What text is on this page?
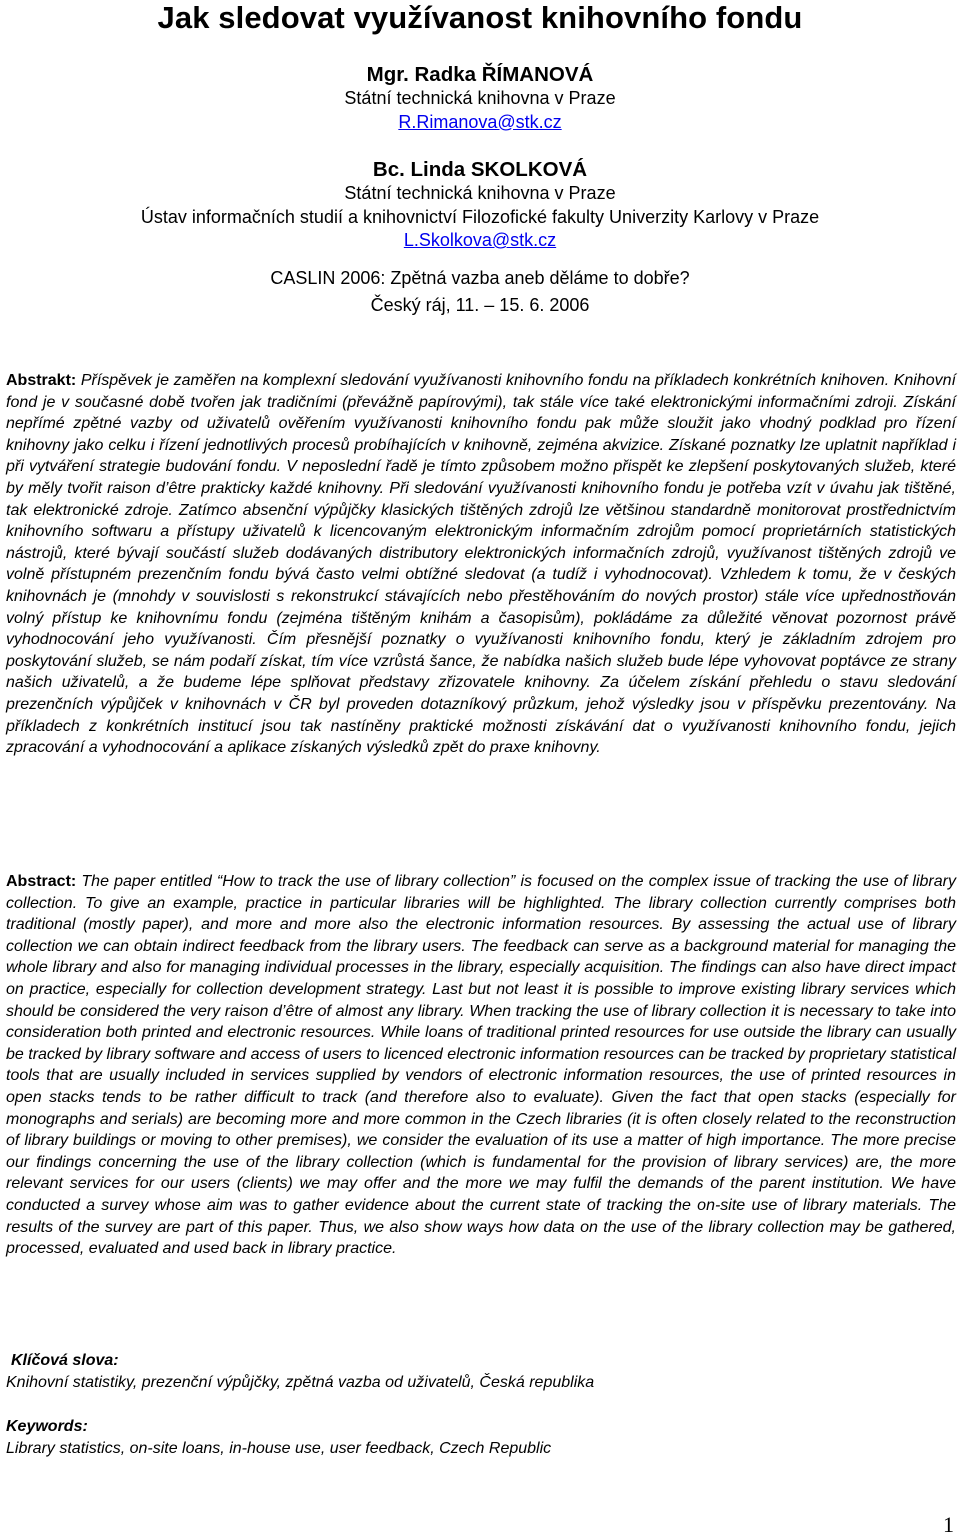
Jak sledovat využívanost knihovního fondu
Mgr. Radka ŘÍMANOVÁ
Státní technická knihovna v Praze
R.Rimanova@stk.cz
Bc. Linda SKOLKOVÁ
Státní technická knihovna v Praze
Ústav informačních studií a knihovnictví Filozofické fakulty Univerzity Karlovy v Praze
L.Skolkova@stk.cz
CASLIN 2006: Zpětná vazba aneb děláme to dobře?
Český ráj, 11. – 15. 6. 2006

Abstrakt: Příspěvek je zaměřen na komplexní sledování využívanosti knihovního fondu na příkladech konkrétních knihoven. Knihovní fond je v současné době tvořen jak tradičními (převážně papírovými), tak stále více také elektronickými informačními zdroji. Získání nepřímé zpětné vazby od uživatelů ověřením využívanosti knihovního fondu pak může sloužit jako vhodný podklad pro řízení knihovny jako celku i řízení jednotlivých procesů probíhajících v knihovně, zejména akvizice. Získané poznatky lze uplatnit například i při vytváření strategie budování fondu. V neposlední řadě je tímto způsobem možno přispět ke zlepšení poskytovaných služeb, které by měly tvořit raison d’être prakticky každé knihovny. Při sledování využívanosti knihovního fondu je potřeba vzít v úvahu jak tištěné, tak elektronické zdroje. Zatímco absenční výpůjčky klasických tištěných zdrojů lze většinou standardně monitorovat prostřednictvím knihovního softwaru a přístupy uživatelů k licencovaným elektronickým informačním zdrojům pomocí proprietárních statistických nástrojů, které bývají součástí služeb dodávaných distributory elektronických informačních zdrojů, využívanost tištěných zdrojů ve volně přístupném prezenčním fondu bývá často velmi obtížné sledovat (a tudíž i vyhodnocovat). Vzhledem k tomu, že v českých knihovnách je (mnohdy v souvislosti s rekonstrukcí stávajících nebo přestěhováním do nových prostor) stále více upřednostňován volný přístup ke knihovnímu fondu (zejména tištěným knihám a časopisům), pokládáme za důležité věnovat pozornost právě vyhodnocování jeho využívanosti. Čím přesnější poznatky o využívanosti knihovního fondu, který je základním zdrojem pro poskytování služeb, se nám podaří získat, tím více vzrůstá šance, že nabídka našich služeb bude lépe vyhovovat poptávce ze strany našich uživatelů, a že budeme lépe splňovat představy zřizovatele knihovny. Za účelem získání přehledu o stavu sledování prezenčních výpůjček v knihovnách v ČR byl proveden dotazníkový průzkum, jehož výsledky jsou v příspěvku prezentovány. Na příkladech z konkrétních institucí jsou tak nastíněny praktické možnosti získávání dat o využívanosti knihovního fondu, jejich zpracování a vyhodnocování a aplikace získaných výsledků zpět do praxe knihovny.

Abstract: The paper entitled “How to track the use of library collection” is focused on the complex issue of tracking the use of library collection. To give an example, practice in particular libraries will be highlighted. The library collection currently comprises both traditional (mostly paper), and more and more also the electronic information resources. By assessing the actual use of library collection we can obtain indirect feedback from the library users. The feedback can serve as a background material for managing the whole library and also for managing individual processes in the library, especially acquisition. The findings can also have direct impact on practice, especially for collection development strategy. Last but not least it is possible to improve existing library services which should be considered the very raison d’être of almost any library. When tracking the use of library collection it is necessary to take into consideration both printed and electronic resources. While loans of traditional printed resources for use outside the library can usually be tracked by library software and access of users to licenced electronic information resources can be tracked by proprietary statistical tools that are usually included in services supplied by vendors of electronic information resources, the use of printed resources in open stacks tends to be rather difficult to track (and therefore also to evaluate). Given the fact that open stacks (especially for monographs and serials) are becoming more and more common in the Czech libraries (it is often closely related to the reconstruction of library buildings or moving to other premises), we consider the evaluation of its use a matter of high importance. The more precise our findings concerning the use of the library collection (which is fundamental for the provision of library services) are, the more relevant services for our users (clients) we may offer and the more we may fulfil the demands of the parent institution. We have conducted a survey whose aim was to gather evidence about the current state of tracking the on-site use of library materials. The results of the survey are part of this paper. Thus, we also show ways how data on the use of the library collection may be gathered, processed, evaluated and used back in library practice.

Klíčová slova:
Knihovní statistiky, prezenční výpůjčky, zpětná vazba od uživatelů, Česká republika
Keywords:
Library statistics, on-site loans, in-house use, user feedback, Czech Republic
1
